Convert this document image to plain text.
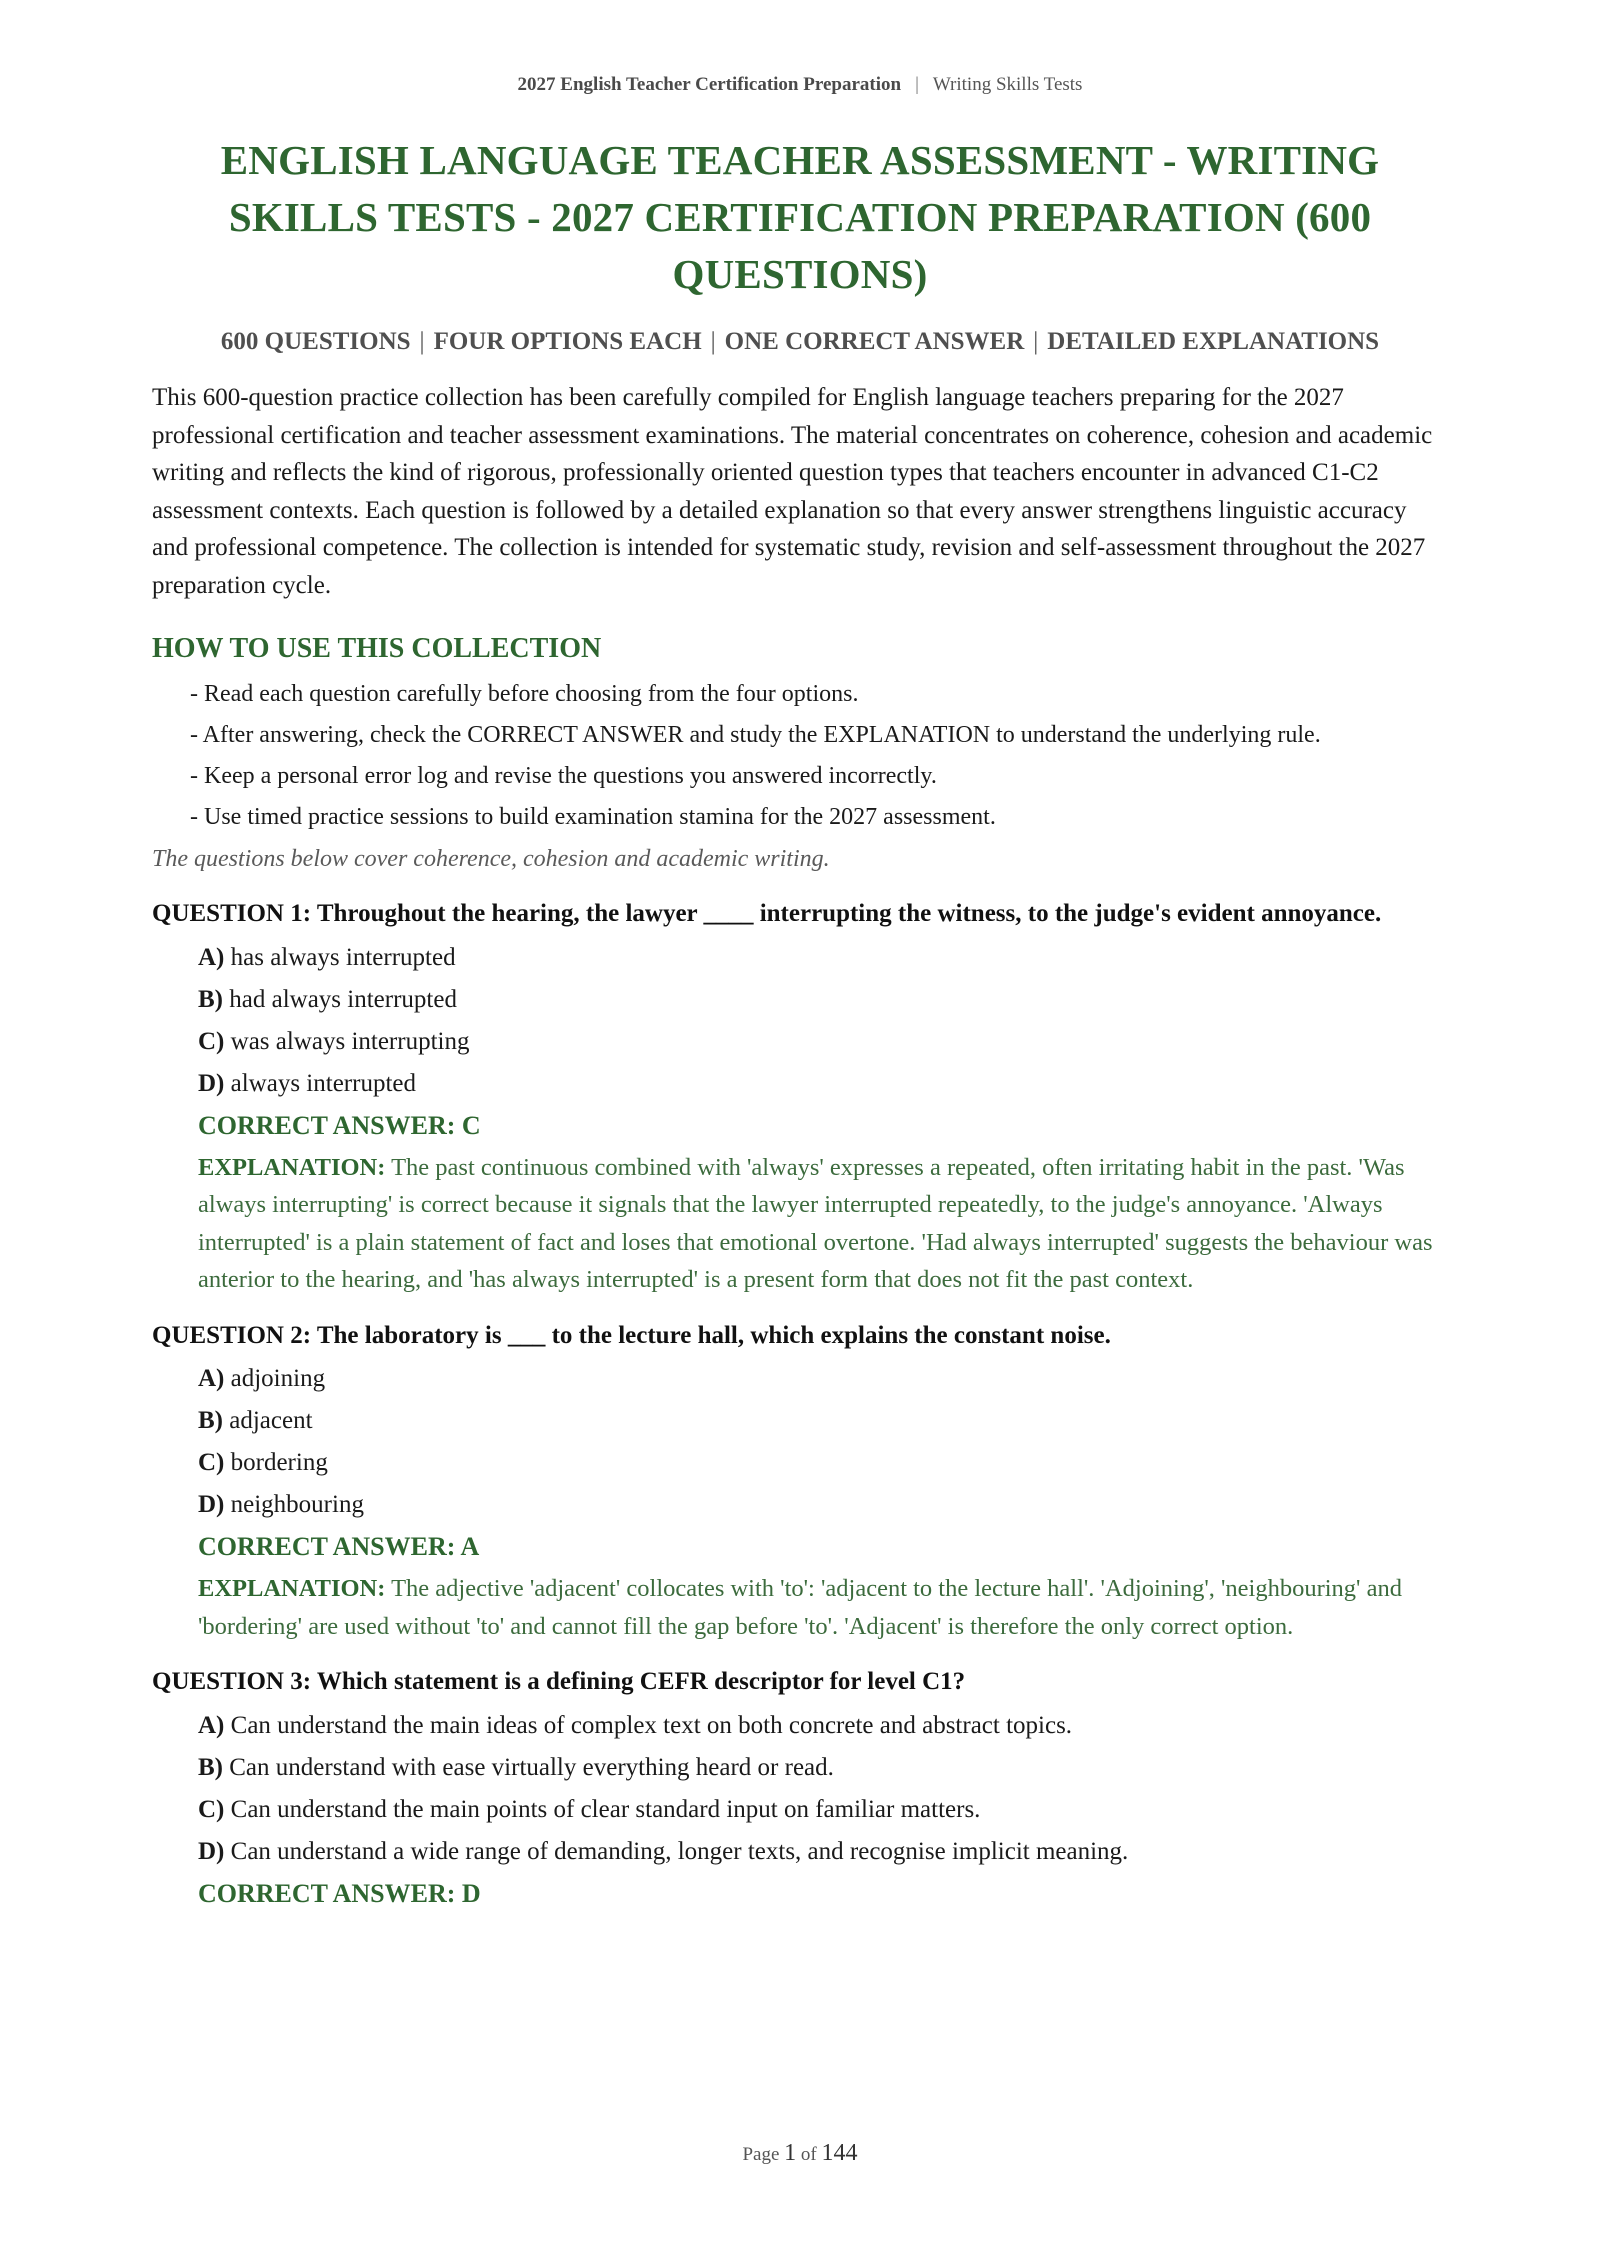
2027 English Teacher Certification Preparation | Writing Skills Tests
ENGLISH LANGUAGE TEACHER ASSESSMENT - WRITING SKILLS TESTS - 2027 CERTIFICATION PREPARATION (600 QUESTIONS)
600 QUESTIONS | FOUR OPTIONS EACH | ONE CORRECT ANSWER | DETAILED EXPLANATIONS

This 600-question practice collection has been carefully compiled for English language teachers preparing for the 2027 professional certification and teacher assessment examinations. The material concentrates on coherence, cohesion and academic writing and reflects the kind of rigorous, professionally oriented question types that teachers encounter in advanced C1-C2 assessment contexts. Each question is followed by a detailed explanation so that every answer strengthens linguistic accuracy and professional competence. The collection is intended for systematic study, revision and self-assessment throughout the 2027 preparation cycle.

HOW TO USE THIS COLLECTION
- Read each question carefully before choosing from the four options.
- After answering, check the CORRECT ANSWER and study the EXPLANATION to understand the underlying rule.
- Keep a personal error log and revise the questions you answered incorrectly.
- Use timed practice sessions to build examination stamina for the 2027 assessment.
The questions below cover coherence, cohesion and academic writing.
QUESTION 1: Throughout the hearing, the lawyer ____ interrupting the witness, to the judge's evident annoyance.
A) has always interrupted
B) had always interrupted
C) was always interrupting
D) always interrupted
CORRECT ANSWER: C
EXPLANATION: The past continuous combined with 'always' expresses a repeated, often irritating habit in the past. 'Was always interrupting' is correct because it signals that the lawyer interrupted repeatedly, to the judge's annoyance. 'Always interrupted' is a plain statement of fact and loses that emotional overtone. 'Had always interrupted' suggests the behaviour was anterior to the hearing, and 'has always interrupted' is a present form that does not fit the past context.
QUESTION 2: The laboratory is ___ to the lecture hall, which explains the constant noise.
A) adjoining
B) adjacent
C) bordering
D) neighbouring
CORRECT ANSWER: A
EXPLANATION: The adjective 'adjacent' collocates with 'to': 'adjacent to the lecture hall'. 'Adjoining', 'neighbouring' and 'bordering' are used without 'to' and cannot fill the gap before 'to'. 'Adjacent' is therefore the only correct option.
QUESTION 3: Which statement is a defining CEFR descriptor for level C1?
A) Can understand the main ideas of complex text on both concrete and abstract topics.
B) Can understand with ease virtually everything heard or read.
C) Can understand the main points of clear standard input on familiar matters.
D) Can understand a wide range of demanding, longer texts, and recognise implicit meaning.
CORRECT ANSWER: D
Page 1 of 144
